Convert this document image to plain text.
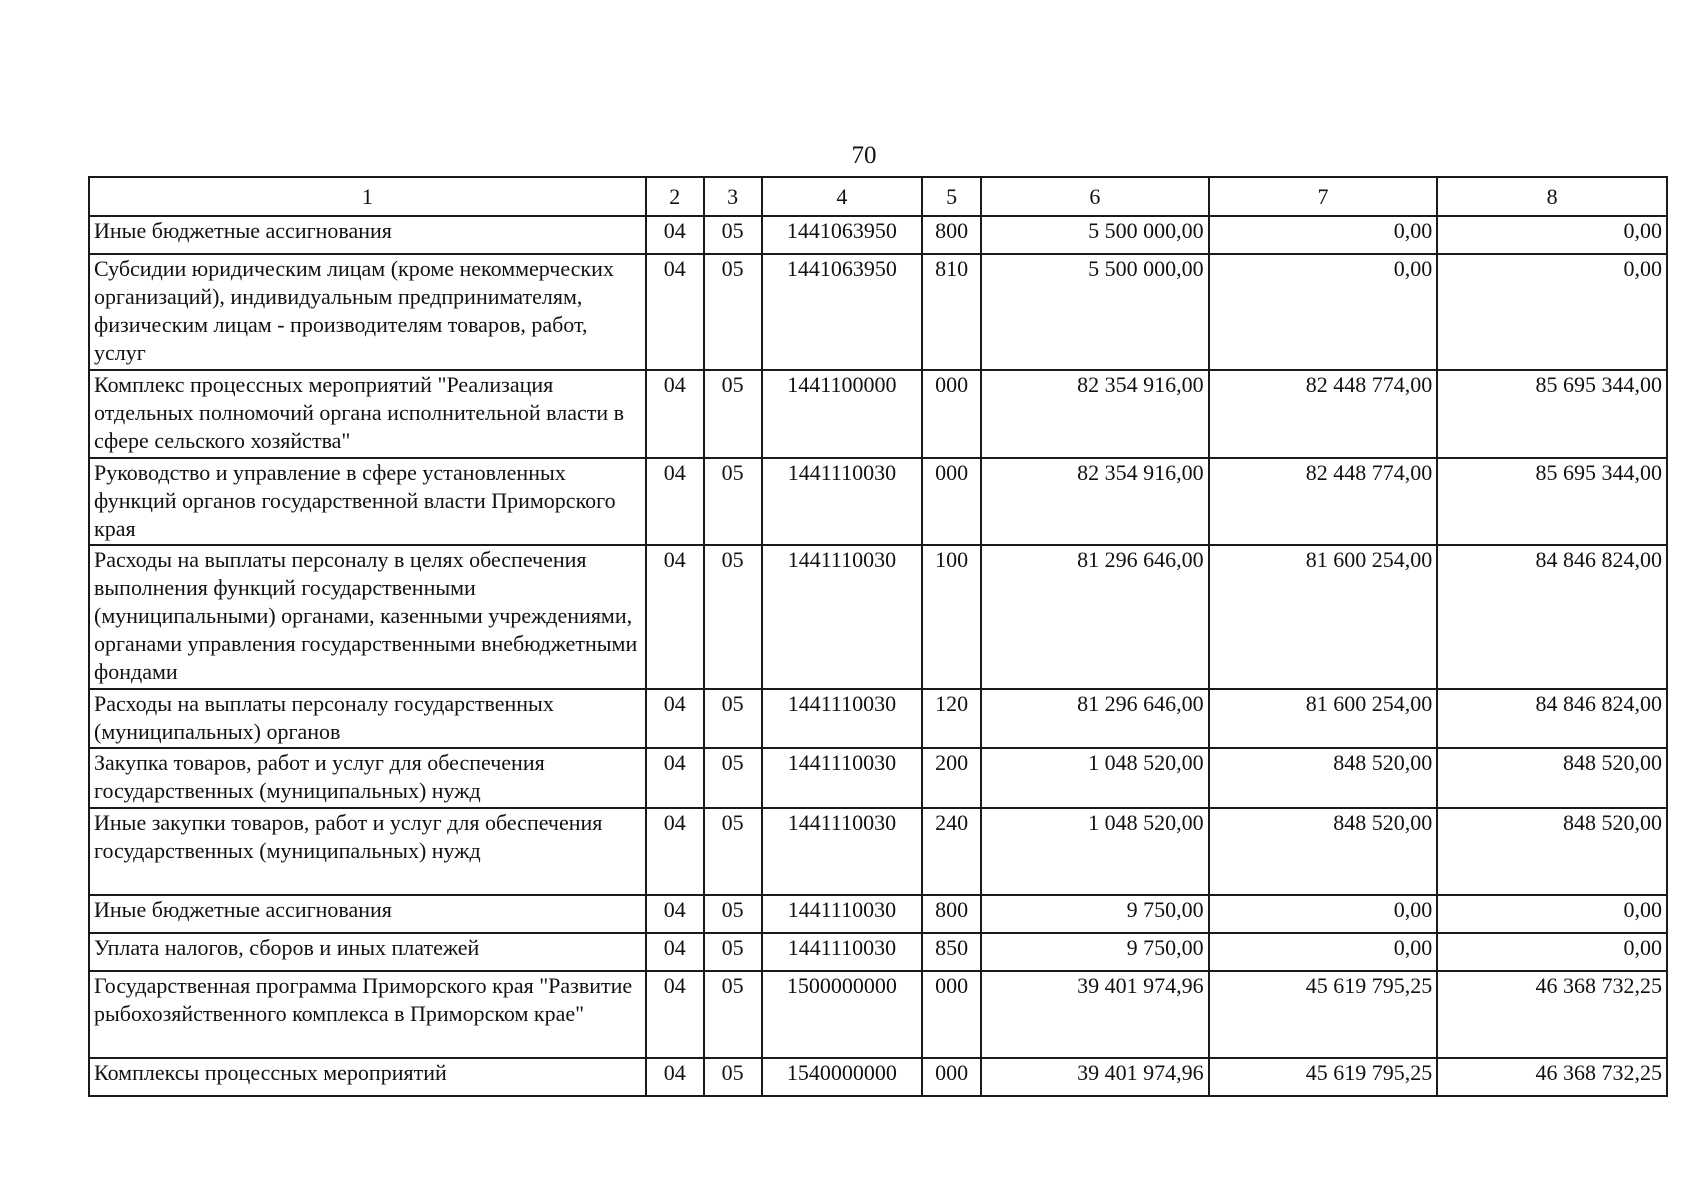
70
1	2	3	4	5	6	7	8
Иные бюджетные ассигнования	04	05	1441063950	800	5 500 000,00	0,00	0,00
Субсидии юридическим лицам (кроме некоммерческих организаций), индивидуальным предпринимателям, физическим лицам - производителям товаров, работ, услуг	04	05	1441063950	810	5 500 000,00	0,00	0,00
Комплекс процессных мероприятий "Реализация отдельных полномочий органа исполнительной власти в сфере сельского хозяйства"	04	05	1441100000	000	82 354 916,00	82 448 774,00	85 695 344,00
Руководство и управление в сфере установленных функций органов государственной власти Приморского края	04	05	1441110030	000	82 354 916,00	82 448 774,00	85 695 344,00
Расходы на выплаты персоналу в целях обеспечения выполнения функций государственными (муниципальными) органами, казенными учреждениями, органами управления государственными внебюджетными фондами	04	05	1441110030	100	81 296 646,00	81 600 254,00	84 846 824,00
Расходы на выплаты персоналу государственных (муниципальных) органов	04	05	1441110030	120	81 296 646,00	81 600 254,00	84 846 824,00
Закупка товаров, работ и услуг для обеспечения государственных (муниципальных) нужд	04	05	1441110030	200	1 048 520,00	848 520,00	848 520,00
Иные закупки товаров, работ и услуг для обеспечения государственных (муниципальных) нужд	04	05	1441110030	240	1 048 520,00	848 520,00	848 520,00
Иные бюджетные ассигнования	04	05	1441110030	800	9 750,00	0,00	0,00
Уплата налогов, сборов и иных платежей	04	05	1441110030	850	9 750,00	0,00	0,00
Государственная программа Приморского края "Развитие рыбохозяйственного комплекса в Приморском крае"	04	05	1500000000	000	39 401 974,96	45 619 795,25	46 368 732,25
Комплексы процессных мероприятий	04	05	1540000000	000	39 401 974,96	45 619 795,25	46 368 732,25
